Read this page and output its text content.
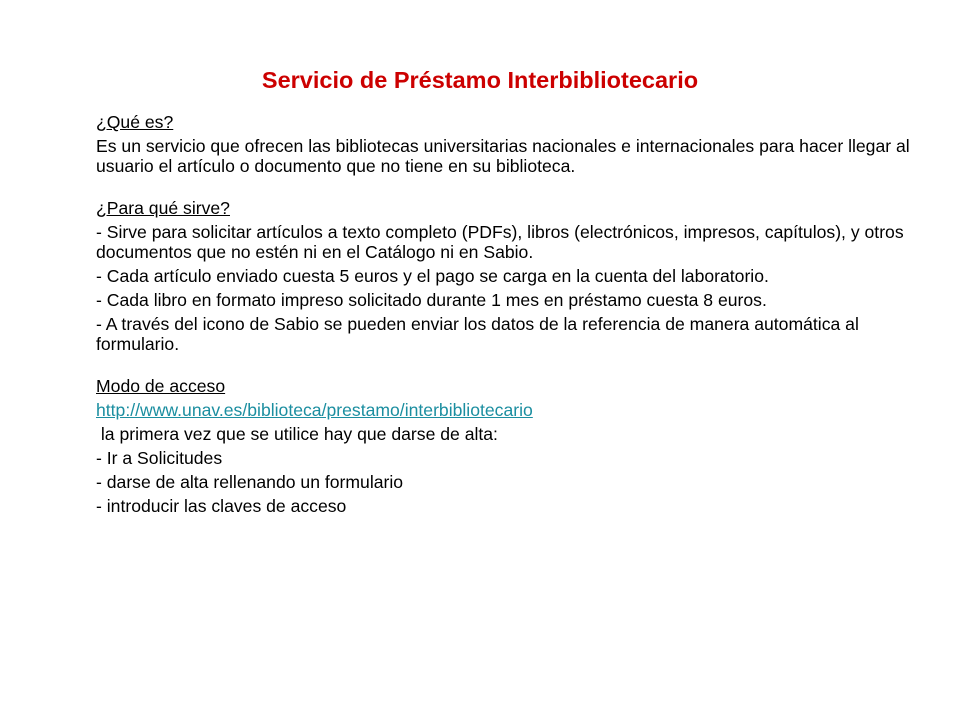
Servicio de Préstamo Interbibliotecario

¿Qué es?

Es un servicio que ofrecen las bibliotecas universitarias nacionales e internacionales para hacer llegar al usuario el artículo o documento que no tiene en su biblioteca.

¿Para qué sirve?

- Sirve para solicitar artículos a texto completo (PDFs), libros (electrónicos, impresos, capítulos), y otros documentos que no estén ni en el Catálogo ni en Sabio.

- Cada artículo enviado cuesta 5 euros y el pago se carga en la cuenta del laboratorio.

- Cada libro en formato impreso solicitado durante 1 mes en préstamo cuesta 8 euros.

- A través del icono de Sabio se pueden enviar los datos de la referencia de manera automática al formulario.

Modo de acceso

http://www.unav.es/biblioteca/prestamo/interbibliotecario

la primera vez que se utilice hay que darse de alta:

- Ir a Solicitudes

- darse de alta rellenando un formulario

- introducir las claves de acceso
